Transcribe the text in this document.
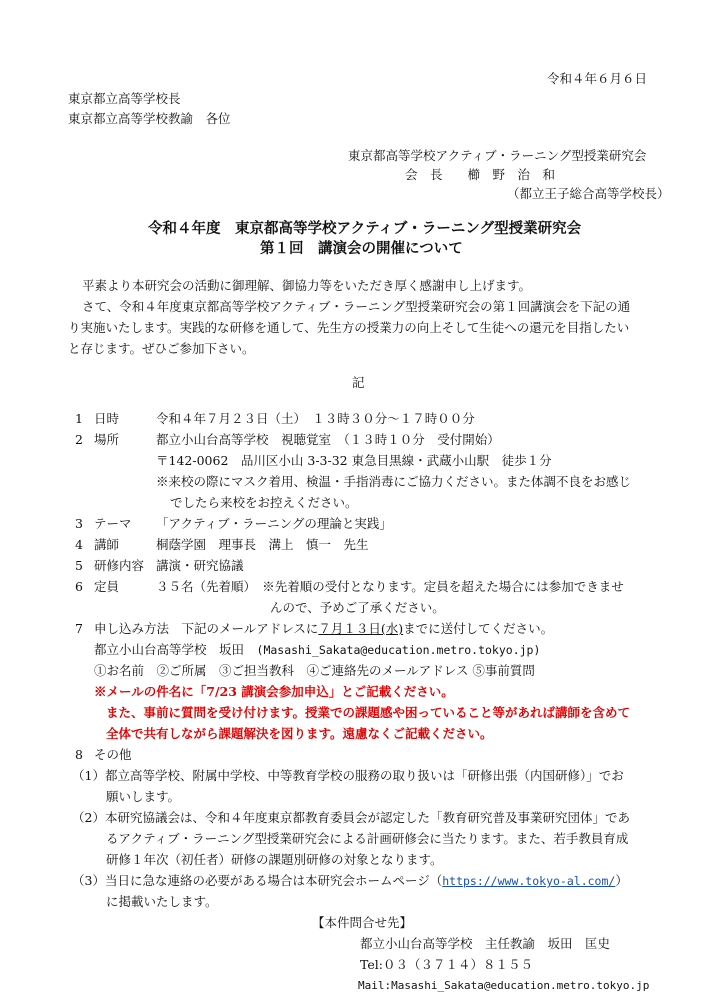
令和４年６月６日
東京都立高等学校長
東京都立高等学校教諭　各位
東京都高等学校アクティブ・ラーニング型授業研究会
会　長　　櫛　野　治　和
（都立王子総合高等学校長）
令和４年度　東京都高等学校アクティブ・ラーニング型授業研究会
第１回　講演会の開催について
平素より本研究会の活動に御理解、御協力等をいただき厚く感謝申し上げます。
さて、令和４年度東京都高等学校アクティブ・ラーニング型授業研究会の第１回講演会を下記の通
り実施いたします。実践的な研修を通して、先生方の授業力の向上そして生徒への還元を目指したい
と存じます。ぜひご参加下さい。
記
1 日時	令和４年７月２３日（土）　１３時３０分～１７時００分
2 場所	都立小山台高等学校　視聴覚室　（１３時１０分　受付開始）
〒142-0062　品川区小山 3-3-32 東急目黒線・武蔵小山駅　徒歩１分
※来校の際にマスク着用、検温・手指消毒にご協力ください。また体調不良をお感じ
でしたら来校をお控えください。
3 テーマ 「アクティブ・ラーニングの理論と実践」
4 講師	桐蔭学園　理事長　溝上　慎一　先生
5 研修内容 講演・研究協議
6 定員	３５名（先着順）　※先着順の受付となります。定員を超えた場合には参加できませ
んので、予めご了承ください。
7 申し込み方法　下記のメールアドレスに７月１３日(水)までに送付してください。
都立小山台高等学校　坂田　(Masashi_Sakata@education.metro.tokyo.jp)
①お名前　②ご所属　③ご担当教科　④ご連絡先のメールアドレス ⑤事前質問
※メールの件名に「7/23 講演会参加申込」とご記載ください。
また、事前に質問を受け付けます。授業での課題感や困っていること等があれば講師を含めて
全体で共有しながら課題解決を図ります。遠慮なくご記載ください。
8 その他
（1）都立高等学校、附属中学校、中等教育学校の服務の取り扱いは「研修出張（内国研修）」でお
願いします。
（2）本研究協議会は、令和４年度東京都教育委員会が認定した「教育研究普及事業研究団体」であ
るアクティブ・ラーニング型授業研究会による計画研修会に当たります。また、若手教員育成
研修１年次（初任者）研修の課題別研修の対象となります。
（3）当日に急な連絡の必要がある場合は本研究会ホームページ（https://www.tokyo-al.com/）
に掲載いたします。
【本件問合せ先】
都立小山台高等学校　主任教諭　坂田　匡史
Tel:０３（３７１４）８１５５
Mail:Masashi_Sakata@education.metro.tokyo.jp
